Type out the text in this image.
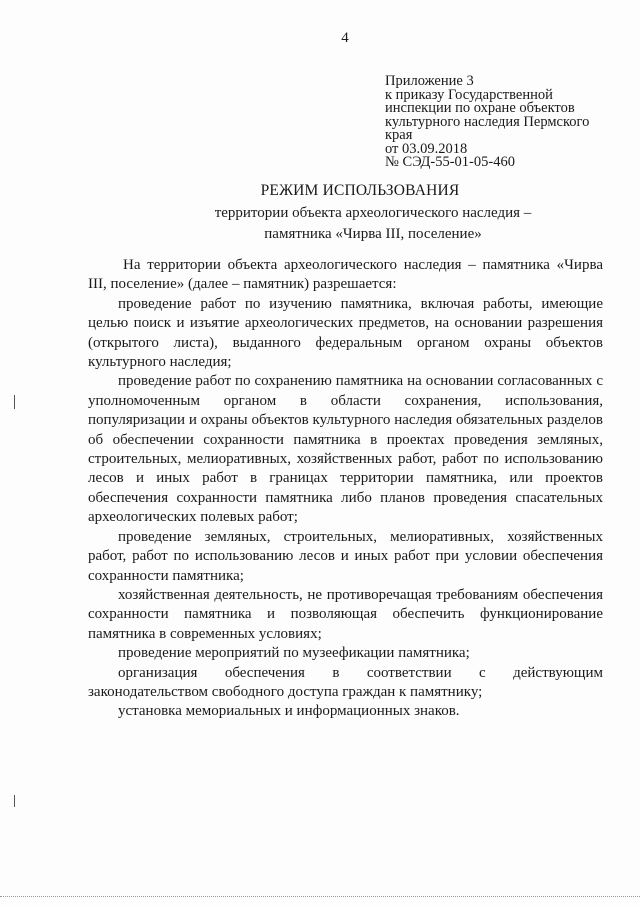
4
Приложение 3
к приказу Государственной
инспекции по охране объектов
культурного наследия Пермского
края
от 03.09.2018
№ СЭД-55-01-05-460
РЕЖИМ ИСПОЛЬЗОВАНИЯ
территории объекта археологического наследия –
памятника «Чирва III, поселение»

На территории объекта археологического наследия – памятника «Чирва III, поселение» (далее – памятник) разрешается:

проведение работ по изучению памятника, включая работы, имеющие целью поиск и изъятие археологических предметов, на основании разрешения (открытого листа), выданного федеральным органом охраны объектов культурного наследия;

проведение работ по сохранению памятника на основании согласованных с уполномоченным органом в области сохранения, использования, популяризации и охраны объектов культурного наследия обязательных разделов об обеспечении сохранности памятника в проектах проведения земляных, строительных, мелиоративных, хозяйственных работ, работ по использованию лесов и иных работ в границах территории памятника, или проектов обеспечения сохранности памятника либо планов проведения спасательных археологических полевых работ;

проведение земляных, строительных, мелиоративных, хозяйственных работ, работ по использованию лесов и иных работ при условии обеспечения сохранности памятника;

хозяйственная деятельность, не противоречащая требованиям обеспечения сохранности памятника и позволяющая обеспечить функционирование памятника в современных условиях;

проведение мероприятий по музеефикации памятника;

организация обеспечения в соответствии с действующим законодательством свободного доступа граждан к памятнику;

установка мемориальных и информационных знаков.
